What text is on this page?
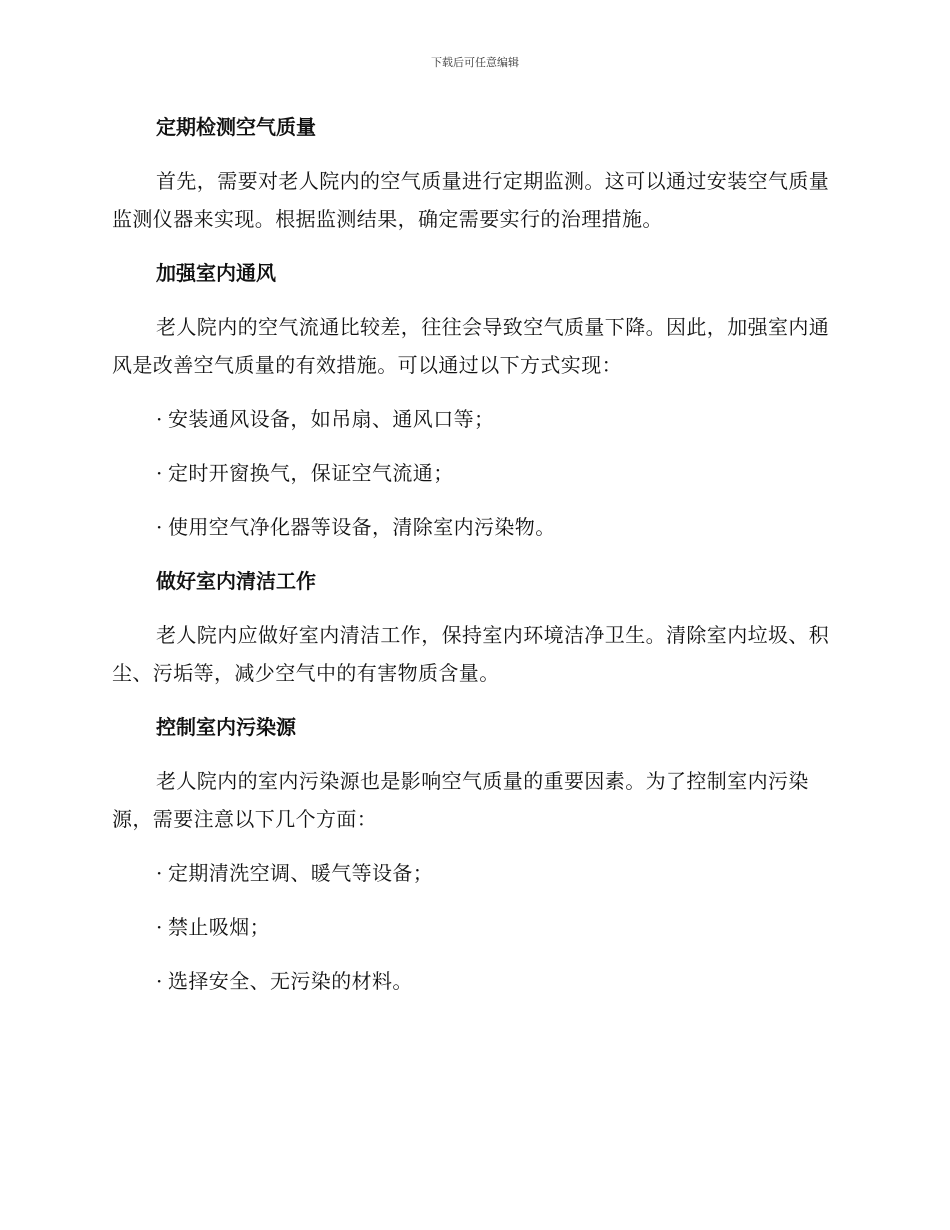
下载后可任意编辑
定期检测空气质量
首先，需要对老人院内的空气质量进行定期监测。这可以通过安装空气质量监测仪器来实现。根据监测结果，确定需要实行的治理措施。
加强室内通风
老人院内的空气流通比较差，往往会导致空气质量下降。因此，加强室内通风是改善空气质量的有效措施。可以通过以下方式实现：
· 安装通风设备，如吊扇、通风口等；
· 定时开窗换气，保证空气流通；
· 使用空气净化器等设备，清除室内污染物。
做好室内清洁工作
老人院内应做好室内清洁工作，保持室内环境洁净卫生。清除室内垃圾、积尘、污垢等，减少空气中的有害物质含量。
控制室内污染源
老人院内的室内污染源也是影响空气质量的重要因素。为了控制室内污染源，需要注意以下几个方面：
· 定期清洗空调、暖气等设备；
· 禁止吸烟；
· 选择安全、无污染的材料。
